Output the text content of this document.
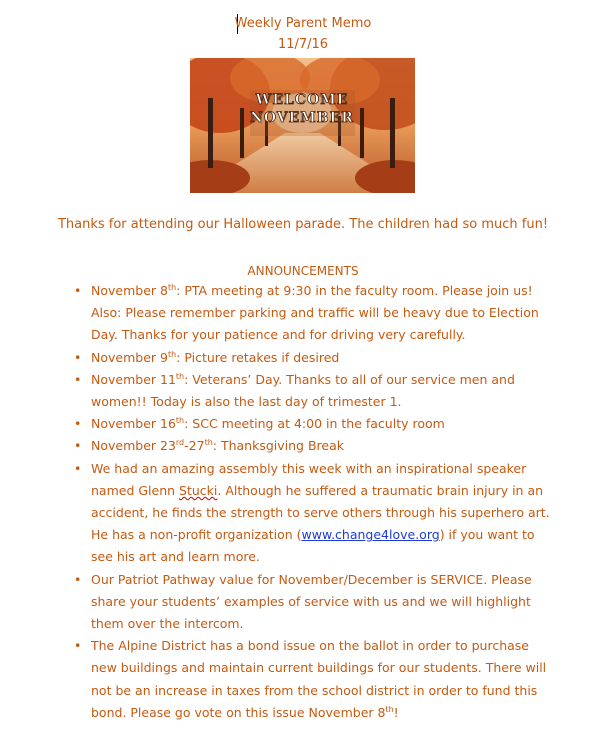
Weekly Parent Memo
11/7/16
WELCOME
NOVEMBER
Thanks for attending our Halloween parade. The children had so much fun!
ANNOUNCEMENTS
• November 8th: PTA meeting at 9:30 in the faculty room. Please join us! Also: Please remember parking and traffic will be heavy due to Election Day. Thanks for your patience and for driving very carefully.
• November 9th: Picture retakes if desired
• November 11th: Veterans’ Day. Thanks to all of our service men and women!! Today is also the last day of trimester 1.
• November 16th: SCC meeting at 4:00 in the faculty room
• November 23rd-27th: Thanksgiving Break
• We had an amazing assembly this week with an inspirational speaker named Glenn Stucki. Although he suffered a traumatic brain injury in an accident, he finds the strength to serve others through his superhero art. He has a non-profit organization (www.change4love.org) if you want to see his art and learn more.
• Our Patriot Pathway value for November/December is SERVICE. Please share your students’ examples of service with us and we will highlight them over the intercom.
• The Alpine District has a bond issue on the ballot in order to purchase new buildings and maintain current buildings for our students. There will not be an increase in taxes from the school district in order to fund this bond. Please go vote on this issue November 8th!
